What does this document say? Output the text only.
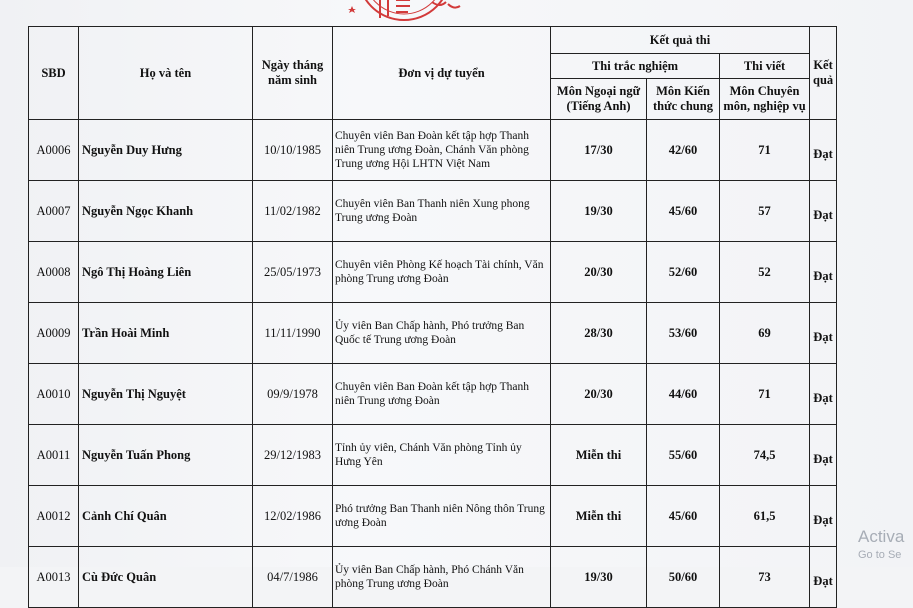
SBD	Họ và tên	Ngày tháng năm sinh	Đơn vị dự tuyển	Kết quả thi			Kết quả
				Thi trắc nghiệm		Thi viết	
				Môn Ngoại ngữ (Tiếng Anh)	Môn Kiến thức chung	Môn Chuyên môn, nghiệp vụ	
A0006	Nguyễn Duy Hưng	10/10/1985	Chuyên viên Ban Đoàn kết tập hợp Thanh niên Trung ương Đoàn, Chánh Văn phòng Trung ương Hội LHTN Việt Nam	17/30	42/60	71	Đạt
A0007	Nguyễn Ngọc Khanh	11/02/1982	Chuyên viên Ban Thanh niên Xung phong Trung ương Đoàn	19/30	45/60	57	Đạt
A0008	Ngô Thị Hoàng Liên	25/05/1973	Chuyên viên Phòng Kế hoạch Tài chính, Văn phòng Trung ương Đoàn	20/30	52/60	52	Đạt
A0009	Trần Hoài Minh	11/11/1990	Ủy viên Ban Chấp hành, Phó trưởng Ban Quốc tế Trung ương Đoàn	28/30	53/60	69	Đạt
A0010	Nguyễn Thị Nguyệt	09/9/1978	Chuyên viên Ban Đoàn kết tập hợp Thanh niên Trung ương Đoàn	20/30	44/60	71	Đạt
A0011	Nguyễn Tuấn Phong	29/12/1983	Tỉnh ủy viên, Chánh Văn phòng Tỉnh ủy Hưng Yên	Miễn thi	55/60	74,5	Đạt
A0012	Cảnh Chí Quân	12/02/1986	Phó trưởng Ban Thanh niên Nông thôn Trung ương Đoàn	Miễn thi	45/60	61,5	Đạt
A0013	Cù Đức Quân	04/7/1986	Ủy viên Ban Chấp hành, Phó Chánh Văn phòng Trung ương Đoàn	19/30	50/60	73	Đạt
Activa
Go to Se
